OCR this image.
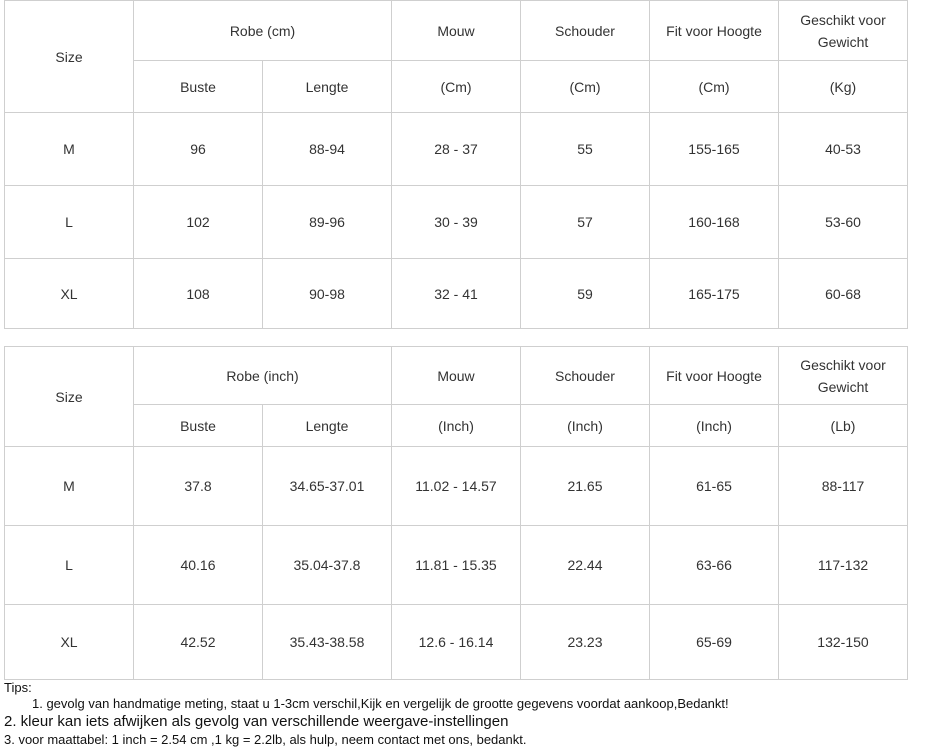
Size	Robe (cm)		Mouw	Schouder	Fit voor Hoogte	Geschikt voor Gewicht
	Buste	Lengte	(Cm)	(Cm)	(Cm)	(Kg)
M	96	88-94	28 - 37	55	155-165	40-53
L	102	89-96	30 - 39	57	160-168	53-60
XL	108	90-98	32 - 41	59	165-175	60-68
Size	Robe (inch)		Mouw	Schouder	Fit voor Hoogte	Geschikt voor Gewicht
	Buste	Lengte	(Inch)	(Inch)	(Inch)	(Lb)
M	37.8	34.65-37.01	11.02 - 14.57	21.65	61-65	88-117
L	40.16	35.04-37.8	11.81 - 15.35	22.44	63-66	117-132
XL	42.52	35.43-38.58	12.6 - 16.14	23.23	65-69	132-150
Tips:
1. gevolg van handmatige meting, staat u 1-3cm verschil,Kijk en vergelijk de grootte gegevens voordat aankoop,Bedankt!
2. kleur kan iets afwijken als gevolg van verschillende weergave-instellingen
3. voor maattabel: 1 inch = 2.54 cm ,1 kg = 2.2lb, als hulp, neem contact met ons, bedankt.
